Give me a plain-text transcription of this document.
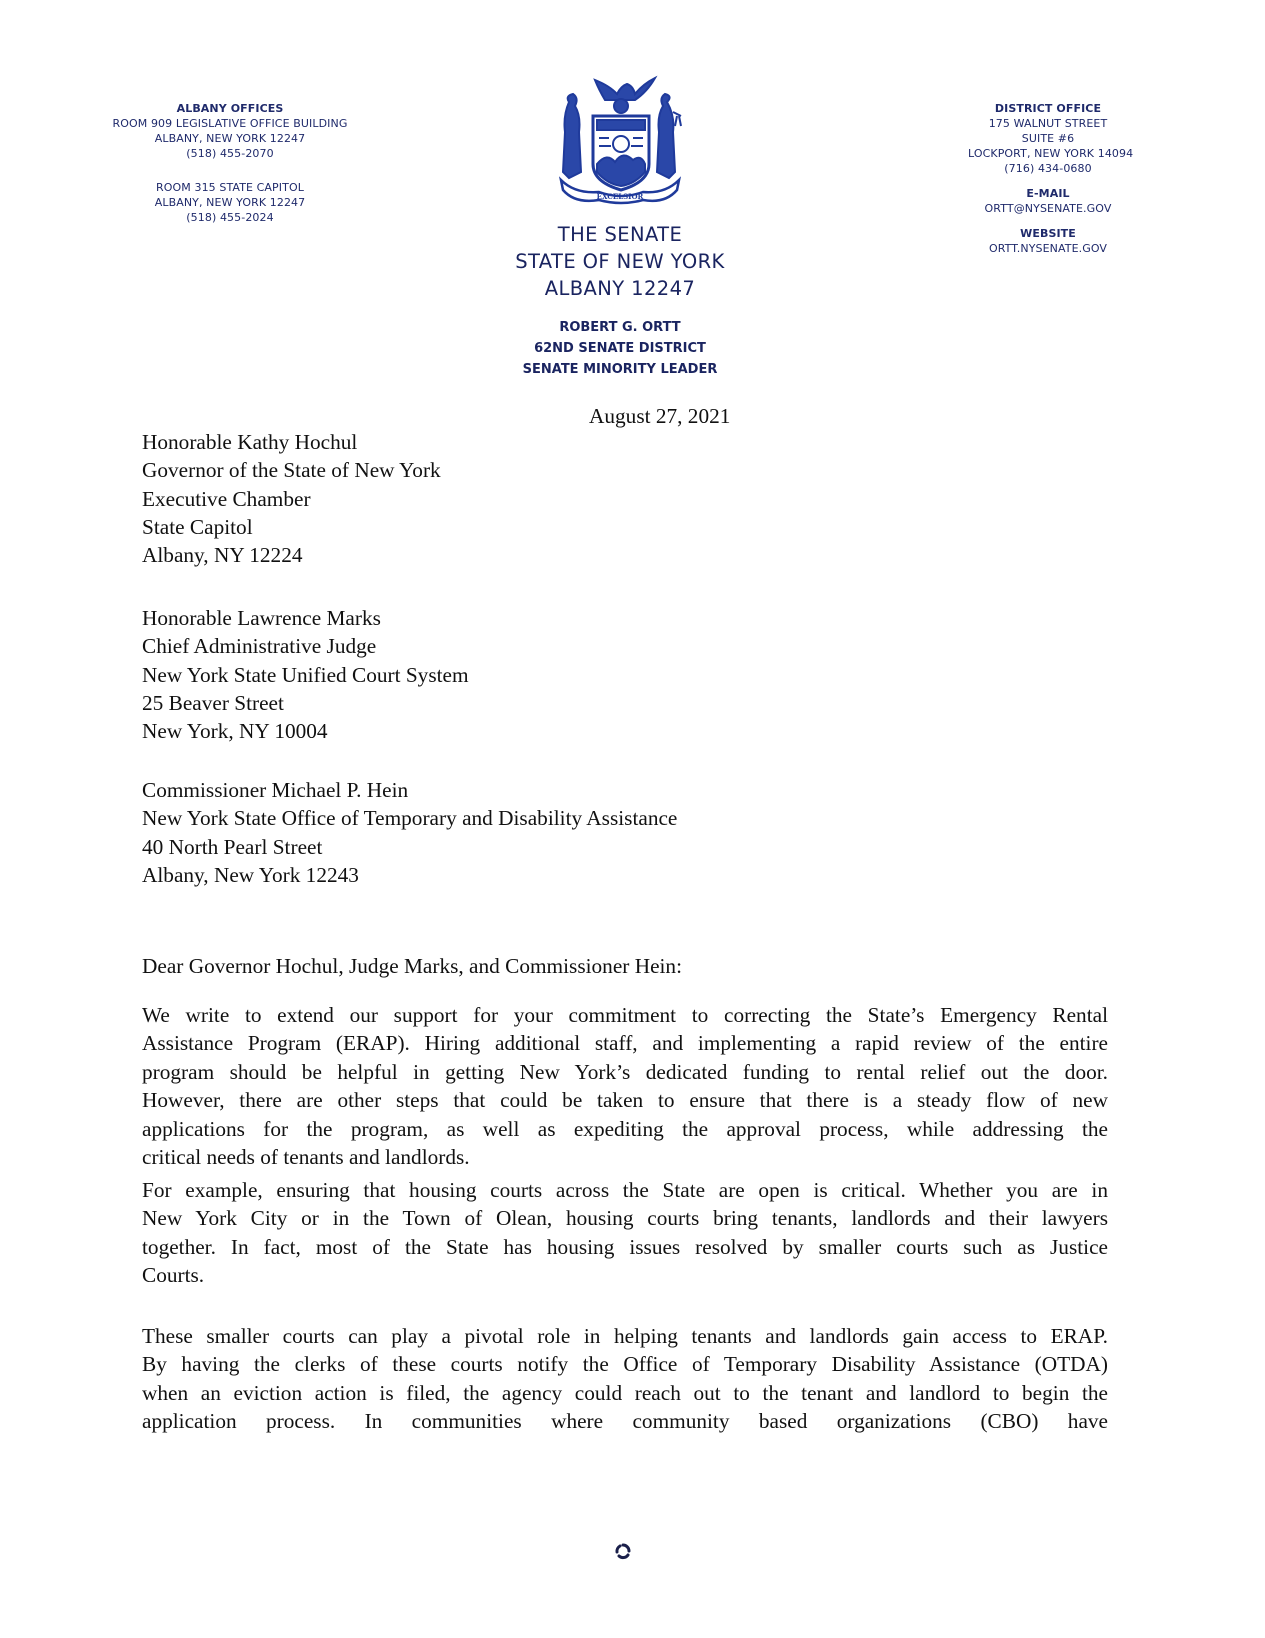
ALBANY OFFICES
ROOM 909 LEGISLATIVE OFFICE BUILDING
ALBANY, NEW YORK 12247
(518) 455-2070
ROOM 315 STATE CAPITOL
ALBANY, NEW YORK 12247
(518) 455-2024
EXCELSIOR
THE SENATE
STATE OF NEW YORK
ALBANY 12247
ROBERT G. ORTT
62ND SENATE DISTRICT
SENATE MINORITY LEADER
DISTRICT OFFICE
175 WALNUT STREET
SUITE #6
LOCKPORT, NEW YORK 14094
(716) 434-0680
E-MAIL
ORTT@NYSENATE.GOV
WEBSITE
ORTT.NYSENATE.GOV
August 27, 2021
Honorable Kathy Hochul
Governor of the State of New York
Executive Chamber
State Capitol
Albany, NY 12224
Honorable Lawrence Marks
Chief Administrative Judge
New York State Unified Court System
25 Beaver Street
New York, NY 10004
Commissioner Michael P. Hein
New York State Office of Temporary and Disability Assistance
40 North Pearl Street
Albany, New York 12243
Dear Governor Hochul, Judge Marks, and Commissioner Hein:
We write to extend our support for your commitment to correcting the State’s Emergency Rental
Assistance Program (ERAP). Hiring additional staff, and implementing a rapid review of the entire
program should be helpful in getting New York’s dedicated funding to rental relief out the door.
However, there are other steps that could be taken to ensure that there is a steady flow of new
applications for the program, as well as expediting the approval process, while addressing the
critical needs of tenants and landlords.
For example, ensuring that housing courts across the State are open is critical. Whether you are in
New York City or in the Town of Olean, housing courts bring tenants, landlords and their lawyers
together. In fact, most of the State has housing issues resolved by smaller courts such as Justice
Courts.
These smaller courts can play a pivotal role in helping tenants and landlords gain access to ERAP.
By having the clerks of these courts notify the Office of Temporary Disability Assistance (OTDA)
when an eviction action is filed, the agency could reach out to the tenant and landlord to begin the
application process. In communities where community based organizations (CBO) have
